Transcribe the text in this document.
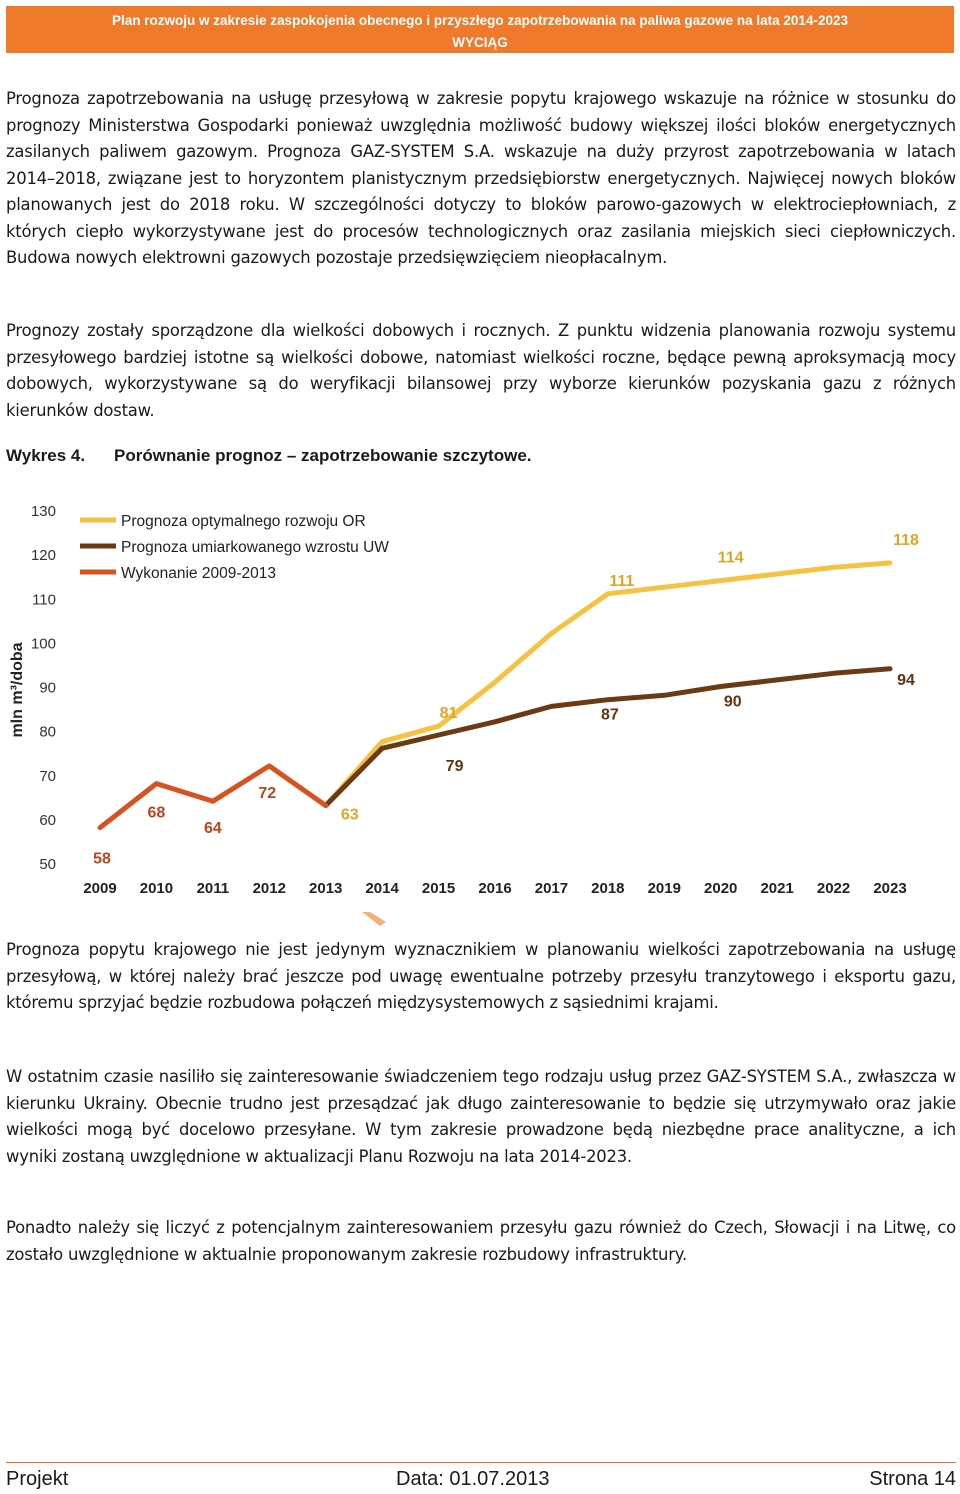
Plan rozwoju w zakresie zaspokojenia obecnego i przyszłego zapotrzebowania na paliwa gazowe na lata 2014-2023
WYCIĄG

Prognoza zapotrzebowania na usługę przesyłową w zakresie popytu krajowego wskazuje na różnice w stosunku do prognozy Ministerstwa Gospodarki ponieważ uwzględnia możliwość budowy większej ilości bloków energetycznych zasilanych paliwem gazowym. Prognoza GAZ-SYSTEM S.A. wskazuje na duży przyrost zapotrzebowania w latach 2014–2018, związane jest to horyzontem planistycznym przedsiębiorstw energetycznych. Najwięcej nowych bloków planowanych jest do 2018 roku. W szczególności dotyczy to bloków parowo-gazowych w elektrociepłowniach, z których ciepło wykorzystywane jest do procesów technologicznych oraz zasilania miejskich sieci ciepłowniczych. Budowa nowych elektrowni gazowych pozostaje przedsięwzięciem nieopłacalnym.

Prognozy zostały sporządzone dla wielkości dobowych i rocznych. Z punktu widzenia planowania rozwoju systemu przesyłowego bardziej istotne są wielkości dobowe, natomiast wielkości roczne, będące pewną aproksymacją mocy dobowych, wykorzystywane są do weryfikacji bilansowej przy wyborze kierunków pozyskania gazu z różnych kierunków dostaw.

Wykres 4. Porównanie prognoz – zapotrzebowanie szczytowe.
50
60
70
80
90
100
110
120
130
mln m³/doba
2009 2010 2011 2012 2013 2014 2015 2016 2017 2018 2019 2020 2021 2022 2023
63
81
111
114
118
79
87
90
94
58
68
64
72
Prognoza optymalnego rozwoju OR
Prognoza umiarkowanego wzrostu UW
Wykonanie 2009-2013

Prognoza popytu krajowego nie jest jedynym wyznacznikiem w planowaniu wielkości zapotrzebowania na usługę przesyłową, w której należy brać jeszcze pod uwagę ewentualne potrzeby przesyłu tranzytowego i eksportu gazu, któremu sprzyjać będzie rozbudowa połączeń międzysystemowych z sąsiednimi krajami.

W ostatnim czasie nasiliło się zainteresowanie świadczeniem tego rodzaju usług przez GAZ-SYSTEM S.A., zwłaszcza w kierunku Ukrainy. Obecnie trudno jest przesądzać jak długo zainteresowanie to będzie się utrzymywało oraz jakie wielkości mogą być docelowo przesyłane. W tym zakresie prowadzone będą niezbędne prace analityczne, a ich wyniki zostaną uwzględnione w aktualizacji Planu Rozwoju na lata 2014-2023.

Ponadto należy się liczyć z potencjalnym zainteresowaniem przesyłu gazu również do Czech, Słowacji i na Litwę, co zostało uwzględnione w aktualnie proponowanym zakresie rozbudowy infrastruktury.

Projekt	Data: 01.07.2013	Strona 14
